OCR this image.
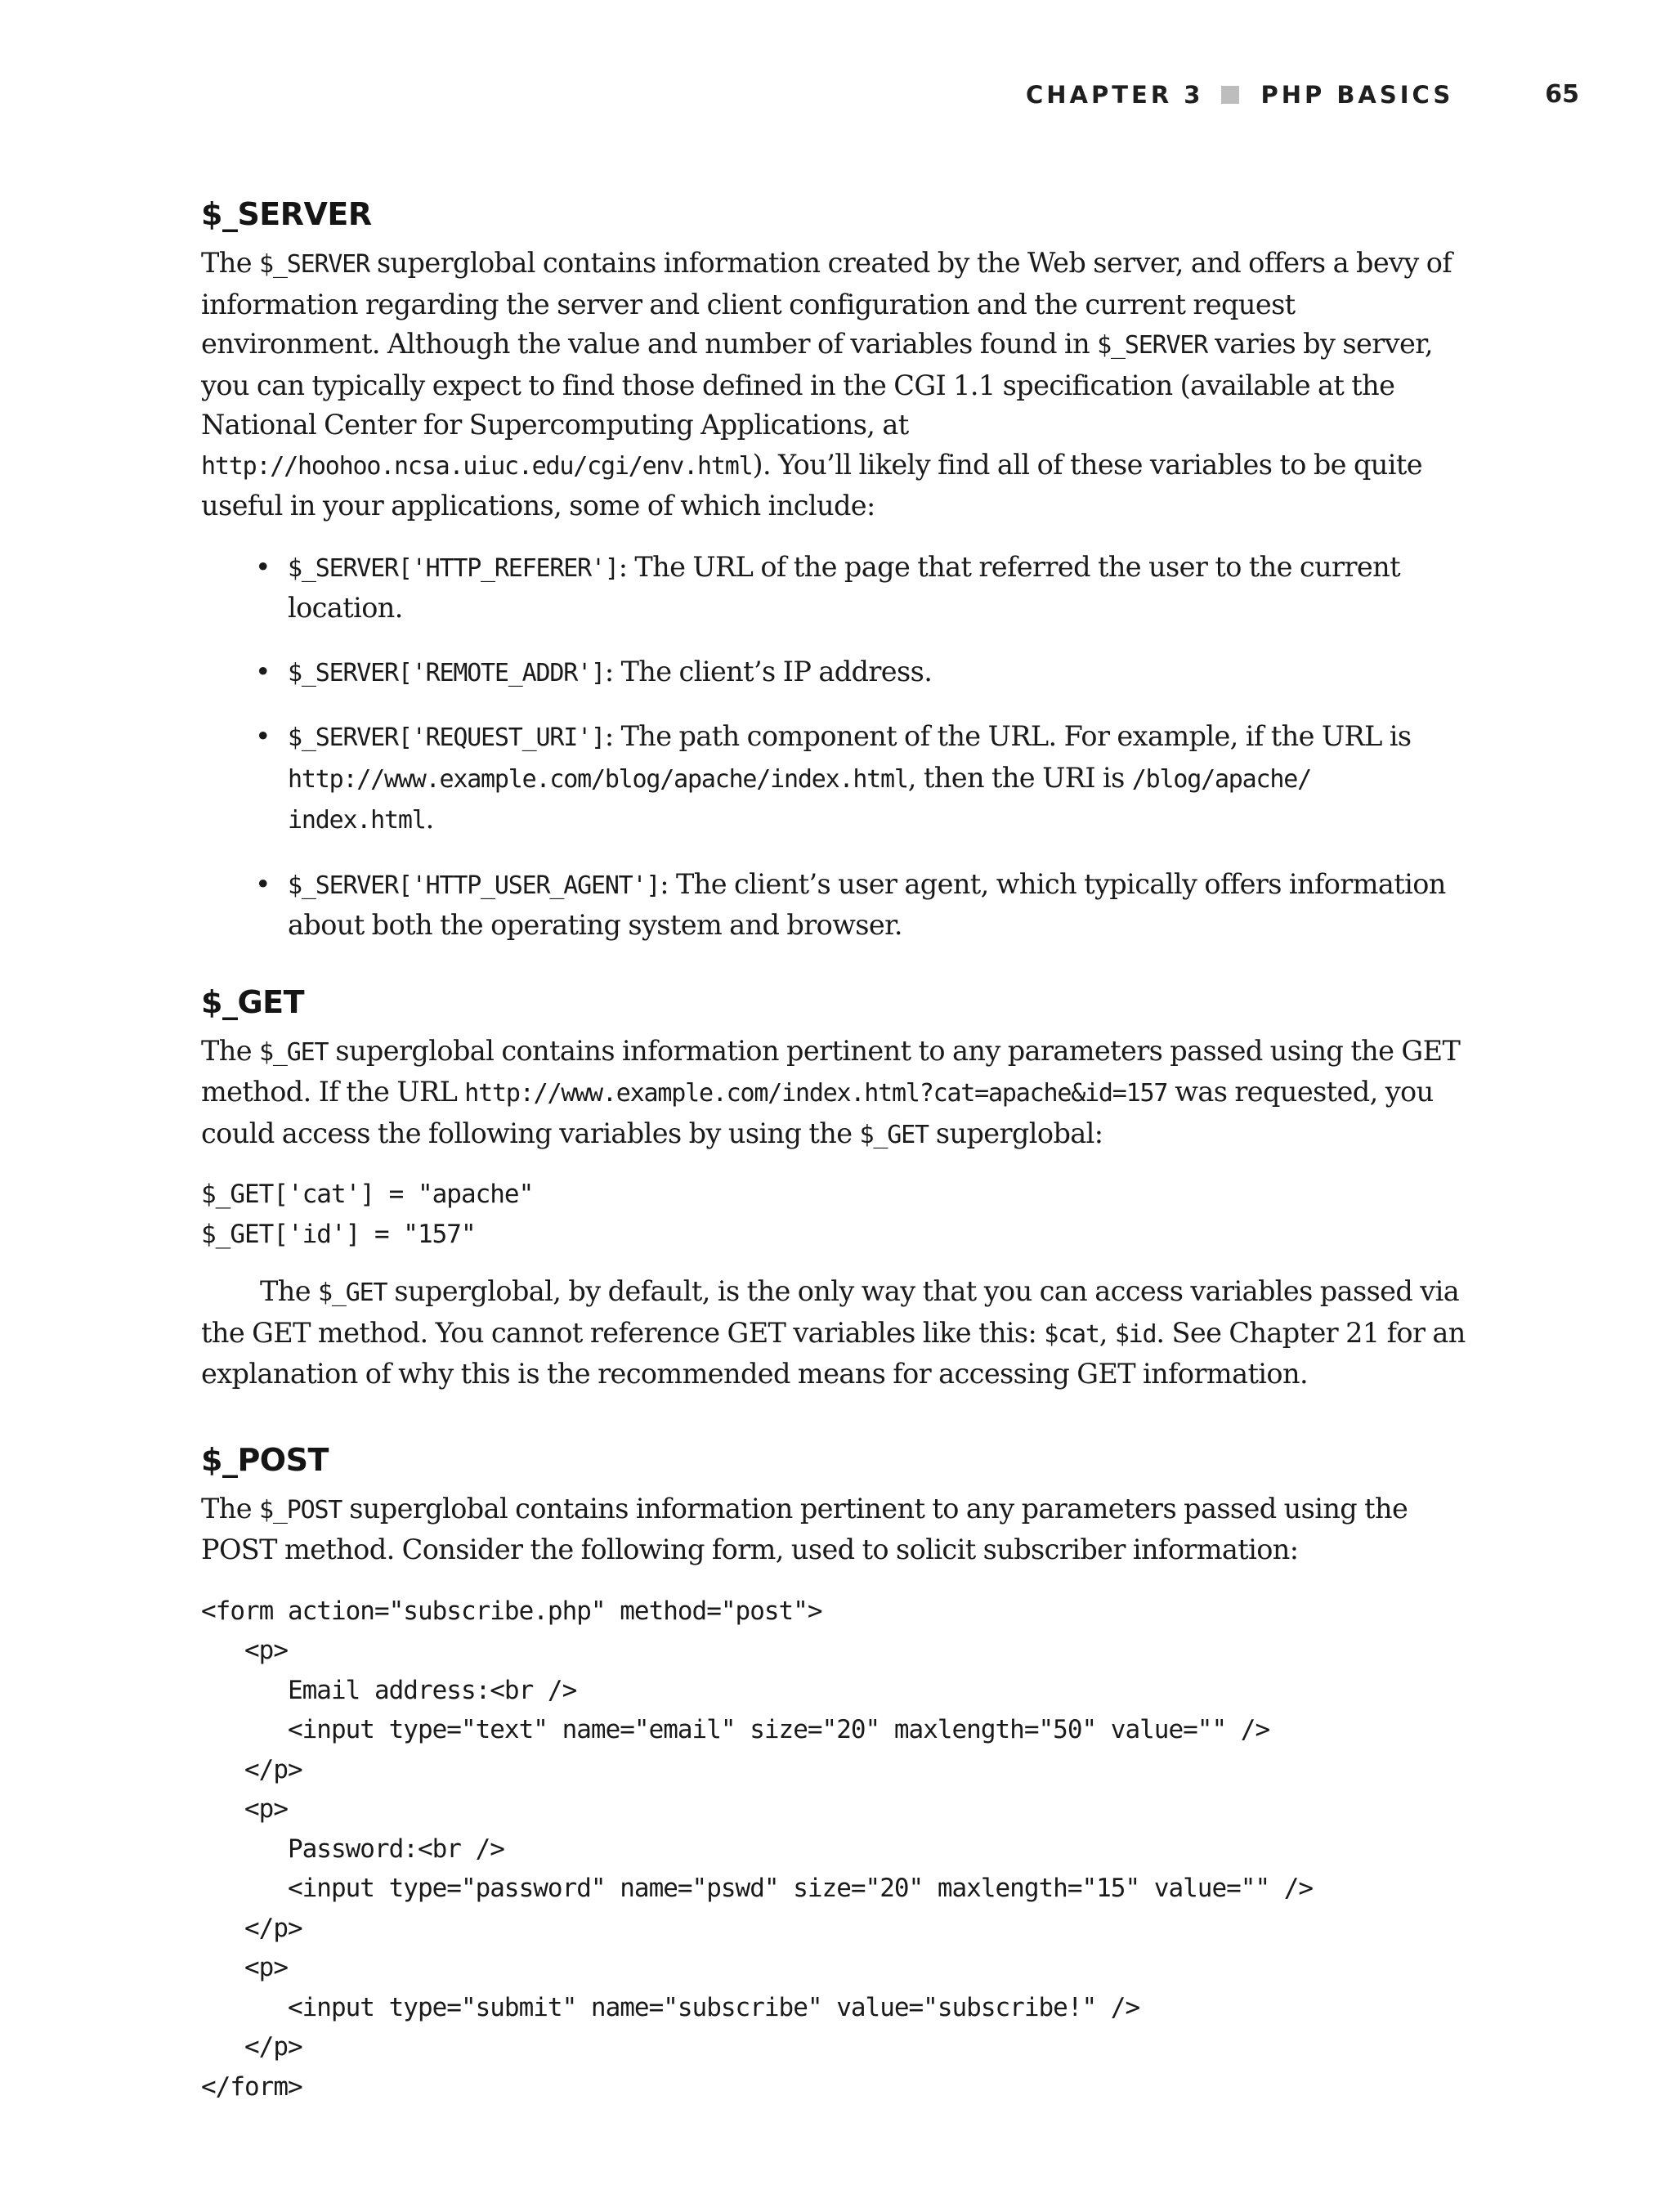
CHAPTER 3 PHP BASICS	65
$_SERVER

The $_SERVER superglobal contains information created by the Web server, and offers a bevy of information regarding the server and client configuration and the current request environment. Although the value and number of variables found in $_SERVER varies by server, you can typically expect to find those defined in the CGI 1.1 specification (available at the National Center for Supercomputing Applications, at http://hoohoo.ncsa.uiuc.edu/cgi/env.html). You’ll likely find all of these variables to be quite useful in your applications, some of which include:

• $_SERVER['HTTP_REFERER']: The URL of the page that referred the user to the current location.
• $_SERVER['REMOTE_ADDR']: The client’s IP address.
• $_SERVER['REQUEST_URI']: The path component of the URL. For example, if the URL is http://www.example.com/blog/apache/index.html, then the URI is /blog/apache/
index.html.
• $_SERVER['HTTP_USER_AGENT']: The client’s user agent, which typically offers information about both the operating system and browser.
$_GET

The $_GET superglobal contains information pertinent to any parameters passed using the GET method. If the URL http://www.example.com/index.html?cat=apache&id=157 was requested, you could access the following variables by using the $_GET superglobal:

$_GET['cat'] = "apache"
$_GET['id'] = "157"

The $_GET superglobal, by default, is the only way that you can access variables passed via the GET method. You cannot reference GET variables like this: $cat, $id. See Chapter 21 for an explanation of why this is the recommended means for accessing GET information.

$_POST

The $_POST superglobal contains information pertinent to any parameters passed using the POST method. Consider the following form, used to solicit subscriber information:

<form action="subscribe.php" method="post">
<p>
Email address:<br />
<input type="text" name="email" size="20" maxlength="50" value="" />
</p>
<p>
Password:<br />
<input type="password" name="pswd" size="20" maxlength="15" value="" />
</p>
<p>
<input type="submit" name="subscribe" value="subscribe!" />
</p>
</form>
